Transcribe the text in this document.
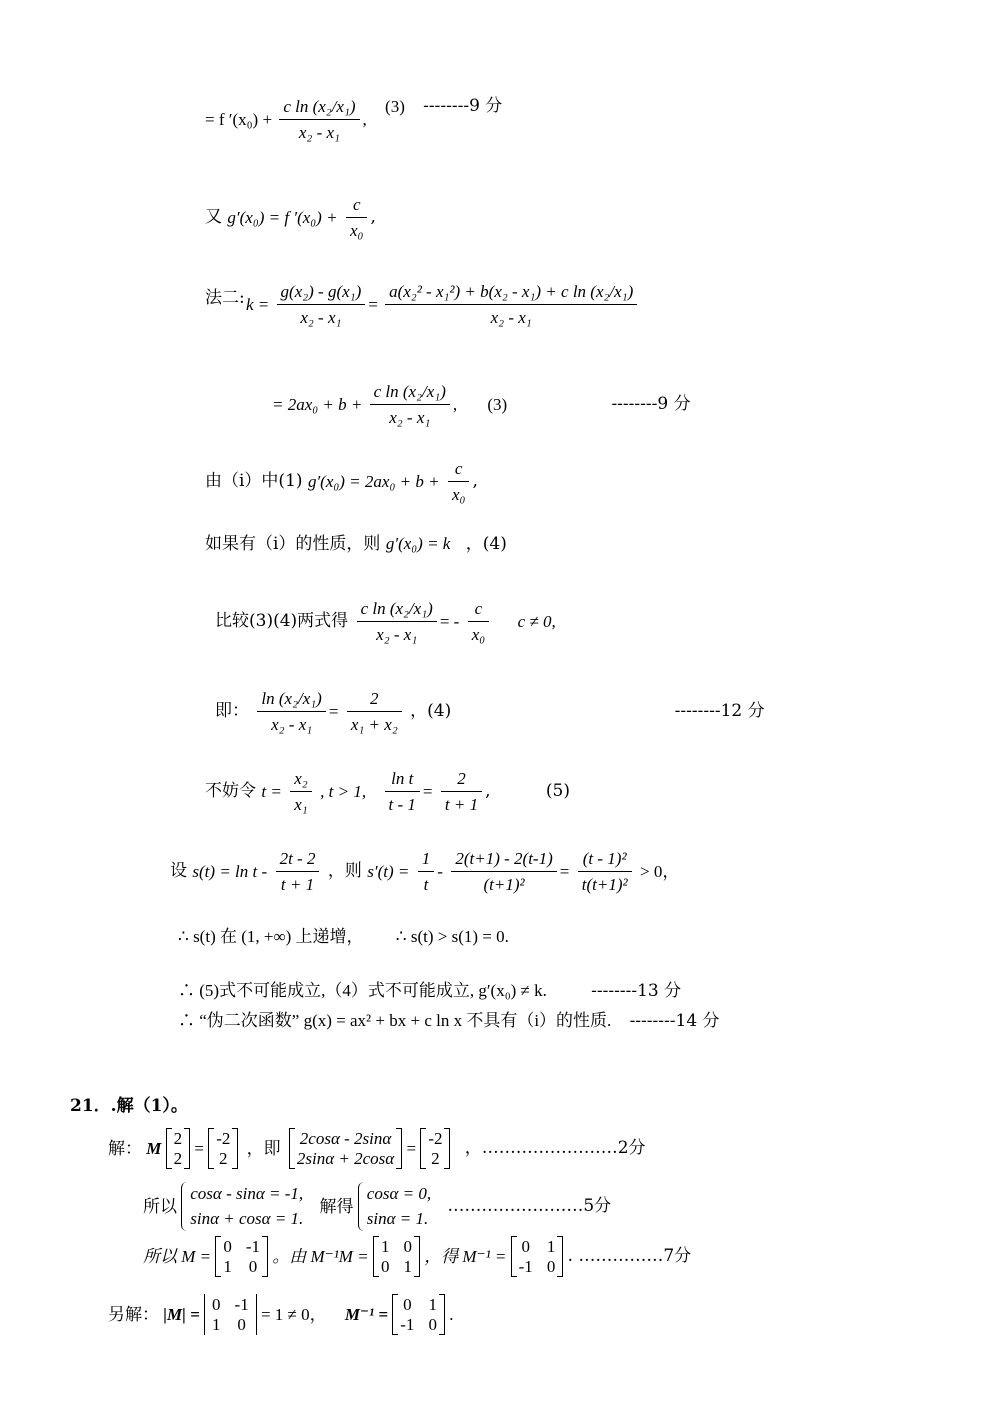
= f $'(x_0) + \frac{\text{c ln (x₂/x₁)}}{\text{x₂ - x₁}}$ , (3) --------9 分
又 g′(x₀) = f $'(x_0) + \frac{c}{\text{x₀}}$ ,
法二: $k = \frac{\text{g(x₂) - g(x₁)}}{\text{x₂ - x₁}} = \frac{\text{a(x₂² - x₁²) + b(x₂ - x₁) + c ln (x₂/x₁)}}{\text{x₂ - x₁}}$
= $2ax_0 + b + \frac{\text{c ln (x₂/x₁)}}{\text{x₂ - x₁}}$ , (3)	--------9 分
由（i）中(1) $g'(x_0) = 2ax_0 + b + \frac{c}{\text{x₀}}$ ,
如果有（i）的性质，则 g′(x₀) = k ，(4)
比较(3)(4)两式得 $\frac{\text{c ln (x₂/x₁)}}{\text{x₂ - x₁}}$ = - $\frac{c}{\text{x₀}}$ c ≠ 0,
即： $\frac{\text{ln (x₂/x₁)}}{\text{x₂ - x₁}} = \frac{2}{\text{x₁ + x₂}}$ ，(4)	--------12 分
不妨令 $t = \frac{\text{x₂}}{\text{x₁}}$ , t > 1, $\frac{\text{ln t}}{t - 1} = \frac{2}{t + 1}$ ,	(5)
设 $s(t) = \ln t - \frac{2t - 2}{t + 1}$ ，则 $s'(t) = \frac{1}{t} - \frac{2(t+1) - 2(t-1)}{\text{(t+1)²}} = \frac{\text{(t - 1)²}}{\text{t(t+1)²}} > 0$，
∴ s(t) 在 (1, +∞) 上递增， ∴ s(t) > s(1) = 0.
∴ (5)式不可能成立,（4）式不可能成立, g′(x₀) ≠ k.	--------13 分
∴ “伪二次函数” g(x) = ax² + bx + c ln x 不具有（i）的性质. --------14 分
21．.解（1）。
解： M
2
2
=
-2
2
，即
2cosα - 2sinα
2sinα + 2cosα
=
-2
2
，……………………2分
所以
cosα - sinα = -1,
sinα + cosα = 1.
解得
cosα = 0,
sinα = 1.
……………………5分
所以 M =
0 -1
1 0
。由 M⁻¹M =
1 0
0 1
，得 M⁻¹ =
0 1
-1 0
. ……………7分
另解： |M| =
0 -1
1 0
= 1 ≠ 0， M⁻¹ =
0 1
-1 0
.
